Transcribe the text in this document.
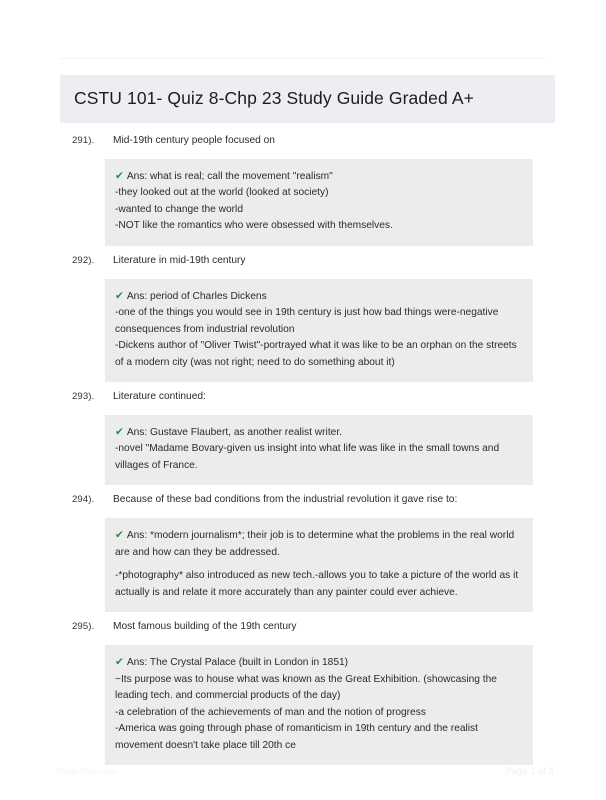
CSTU 101- Quiz 8-Chp 23 Study Guide Graded A+
291).	Mid-19th century people focused on
✔ Ans: what is real; call the movement "realism"
-they looked out at the world (looked at society)
-wanted to change the world
-NOT like the romantics who were obsessed with themselves.
292).	Literature in mid-19th century
✔ Ans: period of Charles Dickens
-one of the things you would see in 19th century is just how bad things were-negative consequences from industrial revolution
-Dickens author of "Oliver Twist"-portrayed what it was like to be an orphan on the streets of a modern city (was not right; need to do something about it)
293).	Literature continued:
✔ Ans: Gustave Flaubert, as another realist writer.
-novel "Madame Bovary-given us insight into what life was like in the small towns and villages of France.
294).	Because of these bad conditions from the industrial revolution it gave rise to:
✔ Ans: *modern journalism*; their job is to determine what the problems in the real world are and how can they be addressed.
-*photography* also introduced as new tech.-allows you to take a picture of the world as it actually is and relate it more accurately than any painter could ever achieve.
295).	Most famous building of the 19th century
✔ Ans: The Crystal Palace (built in London in 1851)
~Its purpose was to house what was known as the Great Exhibition. (showcasing the leading tech. and commercial products of the day)
-a celebration of the achievements of man and the notion of progress
-America was going through phase of romanticism in 19th century and the realist movement doesn't take place till 20th ce
PaperStoc.com	Page 1 of 3
